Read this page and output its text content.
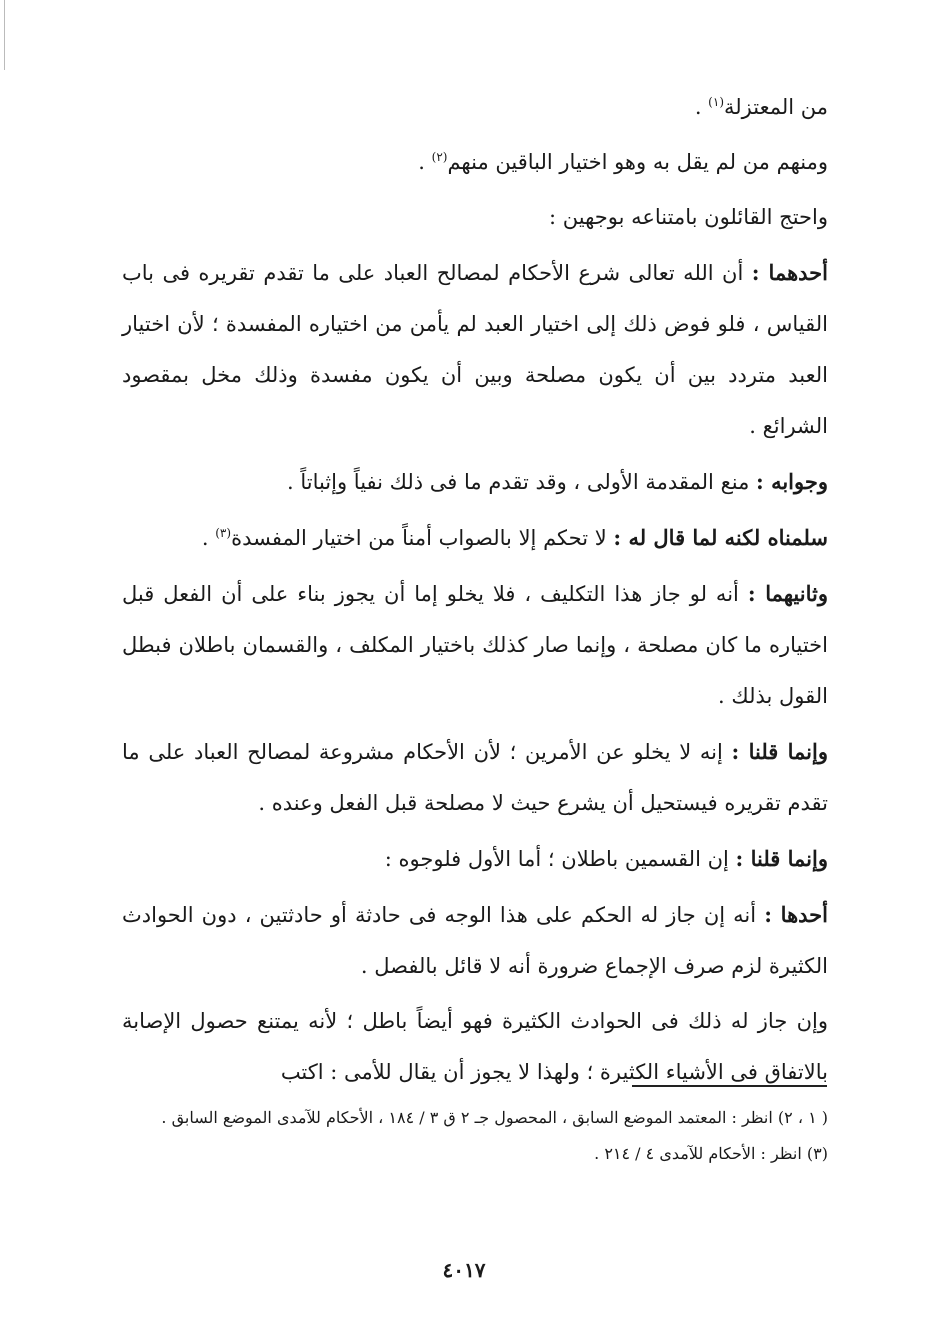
من المعتزلة$^{(١)}$ .

ومنهم من لم يقل به وهو اختيار الباقين منهم$^{(٢)}$ .

واحتج القائلون بامتناعه بوجهين :

أحدهما : أن الله تعالى شرع الأحكام لمصالح العباد على ما تقدم تقريره فى باب القياس ، فلو فوض ذلك إلى اختيار العبد لم يأمن من اختياره المفسدة ؛ لأن اختيار العبد متردد بين أن يكون مصلحة وبين أن يكون مفسدة وذلك مخل بمقصود الشرائع .

وجوابه : منع المقدمة الأولى ، وقد تقدم ما فى ذلك نفياً وإثباتاً .

سلمناه لكنه لما قال له : لا تحكم إلا بالصواب أمناً من اختيار المفسدة$^{(٣)}$ .

وثانيهما : أنه لو جاز هذا التكليف ، فلا يخلو إما أن يجوز بناء على أن الفعل قبل اختياره ما كان مصلحة ، وإنما صار كذلك باختيار المكلف ، والقسمان باطلان فبطل القول بذلك .

وإنما قلنا : إنه لا يخلو عن الأمرين ؛ لأن الأحكام مشروعة لمصالح العباد على ما تقدم تقريره فيستحيل أن يشرع حيث لا مصلحة قبل الفعل وعنده .

وإنما قلنا : إن القسمين باطلان ؛ أما الأول فلوجوه :

أحدها : أنه إن جاز له الحكم على هذا الوجه فى حادثة أو حادثتين ، دون الحوادث الكثيرة لزم صرف الإجماع ضرورة أنه لا قائل بالفصل .

وإن جاز له ذلك فى الحوادث الكثيرة فهو أيضاً باطل ؛ لأنه يمتنع حصول الإصابة بالاتفاق فى الأشياء الكثيرة ؛ ولهذا لا يجوز أن يقال للأمى : اكتب

( ١ ، ٢) انظر : المعتمد الموضع السابق ، المحصول جـ ٢ ق ٣ / ١٨٤ ، الأحكام للآمدى الموضع السابق .

(٣) انظر : الأحكام للآمدى ٤ / ٢١٤ .

٤٠١٧
